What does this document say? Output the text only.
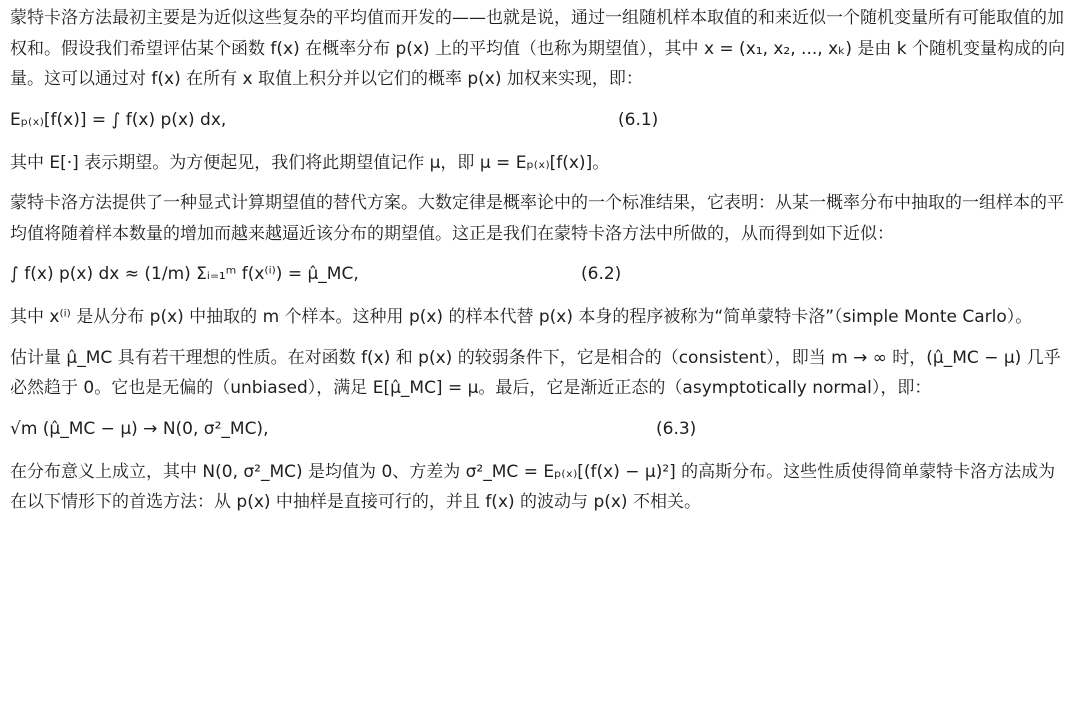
蒙特卡洛方法最初主要是为近似这些复杂的平均值而开发的——也就是说，通过一组随机样本取值的和来近似一个随机变量所有可能取值的加权和。假设我们希望评估某个函数 f(x) 在概率分布 p(x) 上的平均值（也称为期望值），其中 x = (x₁, x₂, ..., xₖ) 是由 k 个随机变量构成的向量。这可以通过对 f(x) 在所有 x 取值上积分并以它们的概率 p(x) 加权来实现，即：

Eₚ₍ₓ₎[f(x)] = ∫ f(x) p(x) dx,	(6.1)

其中 E[·] 表示期望。为方便起见，我们将此期望值记作 μ，即 μ = Eₚ₍ₓ₎[f(x)]。

蒙特卡洛方法提供了一种显式计算期望值的替代方案。大数定律是概率论中的一个标准结果，它表明：从某一概率分布中抽取的一组样本的平均值将随着样本数量的增加而越来越逼近该分布的期望值。这正是我们在蒙特卡洛方法中所做的，从而得到如下近似：

∫ f(x) p(x) dx ≈ (1/m) Σᵢ₌₁ᵐ f(x⁽ⁱ⁾) = μ̂_MC,	(6.2)

其中 x⁽ⁱ⁾ 是从分布 p(x) 中抽取的 m 个样本。这种用 p(x) 的样本代替 p(x) 本身的程序被称为“简单蒙特卡洛”（simple Monte Carlo）。

估计量 μ̂_MC 具有若干理想的性质。在对函数 f(x) 和 p(x) 的较弱条件下，它是相合的（consistent），即当 m → ∞ 时，(μ̂_MC − μ) 几乎必然趋于 0。它也是无偏的（unbiased），满足 E[μ̂_MC] = μ。最后，它是渐近正态的（asymptotically normal），即：

√m (μ̂_MC − μ) → N(0, σ²_MC),	(6.3)

在分布意义上成立，其中 N(0, σ²_MC) 是均值为 0、方差为 σ²_MC = Eₚ₍ₓ₎[(f(x) − μ)²] 的高斯分布。这些性质使得简单蒙特卡洛方法成为在以下情形下的首选方法：从 p(x) 中抽样是直接可行的，并且 f(x) 的波动与 p(x) 不相关。
